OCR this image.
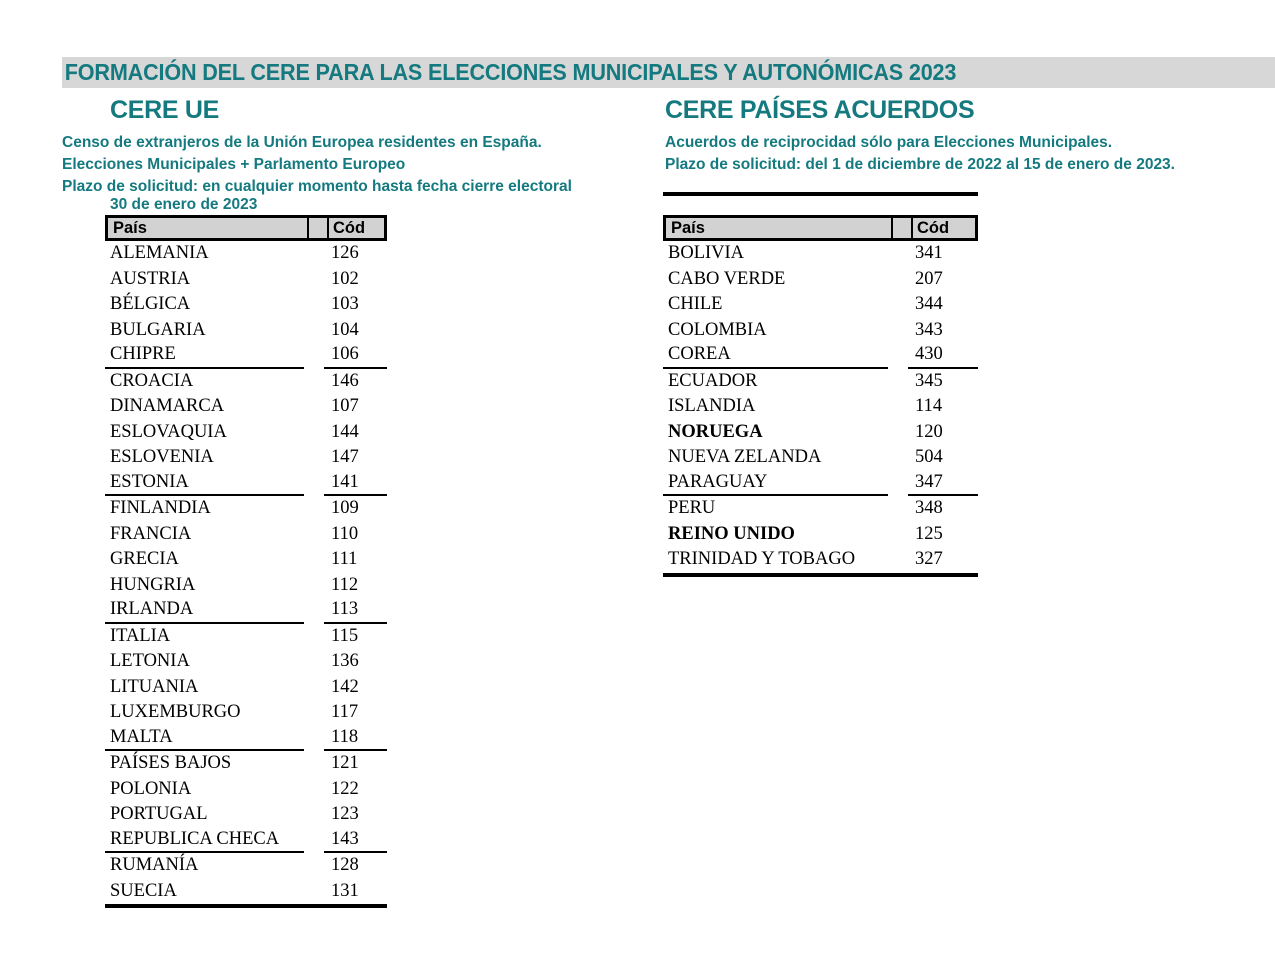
FORMACIÓN DEL CERE PARA LAS ELECCIONES MUNICIPALES Y AUTONÓMICAS 2023
CERE UE
Censo de extranjeros de la Unión Europea residentes en España.
Elecciones Municipales + Parlamento Europeo
Plazo de solicitud: en cualquier momento hasta fecha cierre electoral
30 de enero de 2023
CERE PAÍSES ACUERDOS
Acuerdos de reciprocidad sólo para Elecciones Municipales.
Plazo de solicitud: del 1 de diciembre de 2022 al 15 de enero de 2023.
País	Cód
ALEMANIA	126
AUSTRIA	102
BÉLGICA	103
BULGARIA	104
CHIPRE	106
CROACIA	146
DINAMARCA	107
ESLOVAQUIA	144
ESLOVENIA	147
ESTONIA	141
FINLANDIA	109
FRANCIA	110
GRECIA	111
HUNGRIA	112
IRLANDA	113
ITALIA	115
LETONIA	136
LITUANIA	142
LUXEMBURGO	117
MALTA	118
PAÍSES BAJOS	121
POLONIA	122
PORTUGAL	123
REPUBLICA CHECA	143
RUMANÍA	128
SUECIA	131
País	Cód
BOLIVIA	341
CABO VERDE	207
CHILE	344
COLOMBIA	343
COREA	430
ECUADOR	345
ISLANDIA	114
NORUEGA	120
NUEVA ZELANDA	504
PARAGUAY	347
PERU	348
REINO UNIDO	125
TRINIDAD Y TOBAGO	327
